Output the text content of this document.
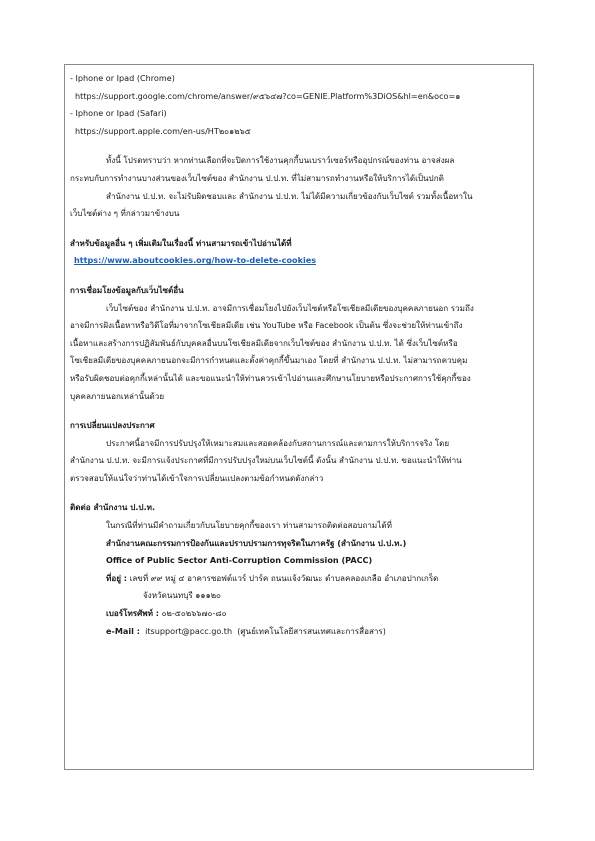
- Iphone or Ipad (Chrome)
https://support.google.com/chrome/answer/๙๕๖๔๗?co=GENIE.Platform%3DiOS&hl=en&oco=๑
- Iphone or Ipad (Safari)
https://support.apple.com/en-us/HT๒๐๑๒๖๕
ทั้งนี้ โปรดทราบว่า หากท่านเลือกที่จะปิดการใช้งานคุกกี้บนเบราว์เซอร์หรืออุปกรณ์ของท่าน อาจส่งผล
กระทบกับการทำงานบางส่วนของเว็บไซต์ของ สำนักงาน ป.ป.ท. ที่ไม่สามารถทำงานหรือให้บริการได้เป็นปกติ
สำนักงาน ป.ป.ท. จะไม่รับผิดชอบและ สำนักงาน ป.ป.ท. ไม่ได้มีความเกี่ยวข้องกับเว็บไซต์ รวมทั้งเนื้อหาใน
เว็บไซต์ต่าง ๆ ที่กล่าวมาข้างบน
สำหรับข้อมูลอื่น ๆ เพิ่มเติมในเรื่องนี้ ท่านสามารถเข้าไปอ่านได้ที่
https://www.aboutcookies.org/how-to-delete-cookies
การเชื่อมโยงข้อมูลกับเว็บไซต์อื่น
เว็บไซต์ของ สำนักงาน ป.ป.ท. อาจมีการเชื่อมโยงไปยังเว็บไซต์หรือโซเชียลมีเดียของบุคคลภายนอก รวมถึง
อาจมีการฝังเนื้อหาหรือวิดีโอที่มาจากโซเชียลมีเดีย เช่น YouTube หรือ Facebook เป็นต้น ซึ่งจะช่วยให้ท่านเข้าถึง
เนื้อหาและสร้างการปฏิสัมพันธ์กับบุคคลอื่นบนโซเชียลมีเดียจากเว็บไซต์ของ สำนักงาน ป.ป.ท. ได้ ซึ่งเว็บไซต์หรือ
โซเชียลมีเดียของบุคคลภายนอกจะมีการกำหนดและตั้งค่าคุกกี้ขึ้นมาเอง โดยที่ สำนักงาน ป.ป.ท. ไม่สามารถควบคุม
หรือรับผิดชอบต่อคุกกี้เหล่านั้นได้ และขอแนะนำให้ท่านควรเข้าไปอ่านและศึกษานโยบายหรือประกาศการใช้คุกกี้ของ
บุคคลภายนอกเหล่านั้นด้วย
การเปลี่ยนแปลงประกาศ
ประกาศนี้อาจมีการปรับปรุงให้เหมาะสมและสอดคล้องกับสถานการณ์และตามการให้บริการจริง โดย
สำนักงาน ป.ป.ท. จะมีการแจ้งประกาศที่มีการปรับปรุงใหม่บนเว็บไซต์นี้ ดังนั้น สำนักงาน ป.ป.ท. ขอแนะนำให้ท่าน
ตรวจสอบให้แน่ใจว่าท่านได้เข้าใจการเปลี่ยนแปลงตามข้อกำหนดดังกล่าว
ติดต่อ สำนักงาน ป.ป.ท.
ในกรณีที่ท่านมีคำถามเกี่ยวกับนโยบายคุกกี้ของเรา ท่านสามารถติดต่อสอบถามได้ที่
สำนักงานคณะกรรมการป้องกันและปราบปรามการทุจริตในภาครัฐ (สำนักงาน ป.ป.ท.)
Office of Public Sector Anti-Corruption Commission (PACC)
ที่อยู่ : เลขที่ ๙๙ หมู่ ๔ อาคารซอฟต์แวร์ ปาร์ค ถนนแจ้งวัฒนะ ตำบลคลองเกลือ อำเภอปากเกร็ด
จังหวัดนนทบุรี ๑๑๑๒๐
เบอร์โทรศัพท์ : ๐๒-๕๐๒๖๖๗๐-๘๐
e-Mail : itsupport@pacc.go.th (ศูนย์เทคโนโลยีสารสนเทศและการสื่อสาร)
